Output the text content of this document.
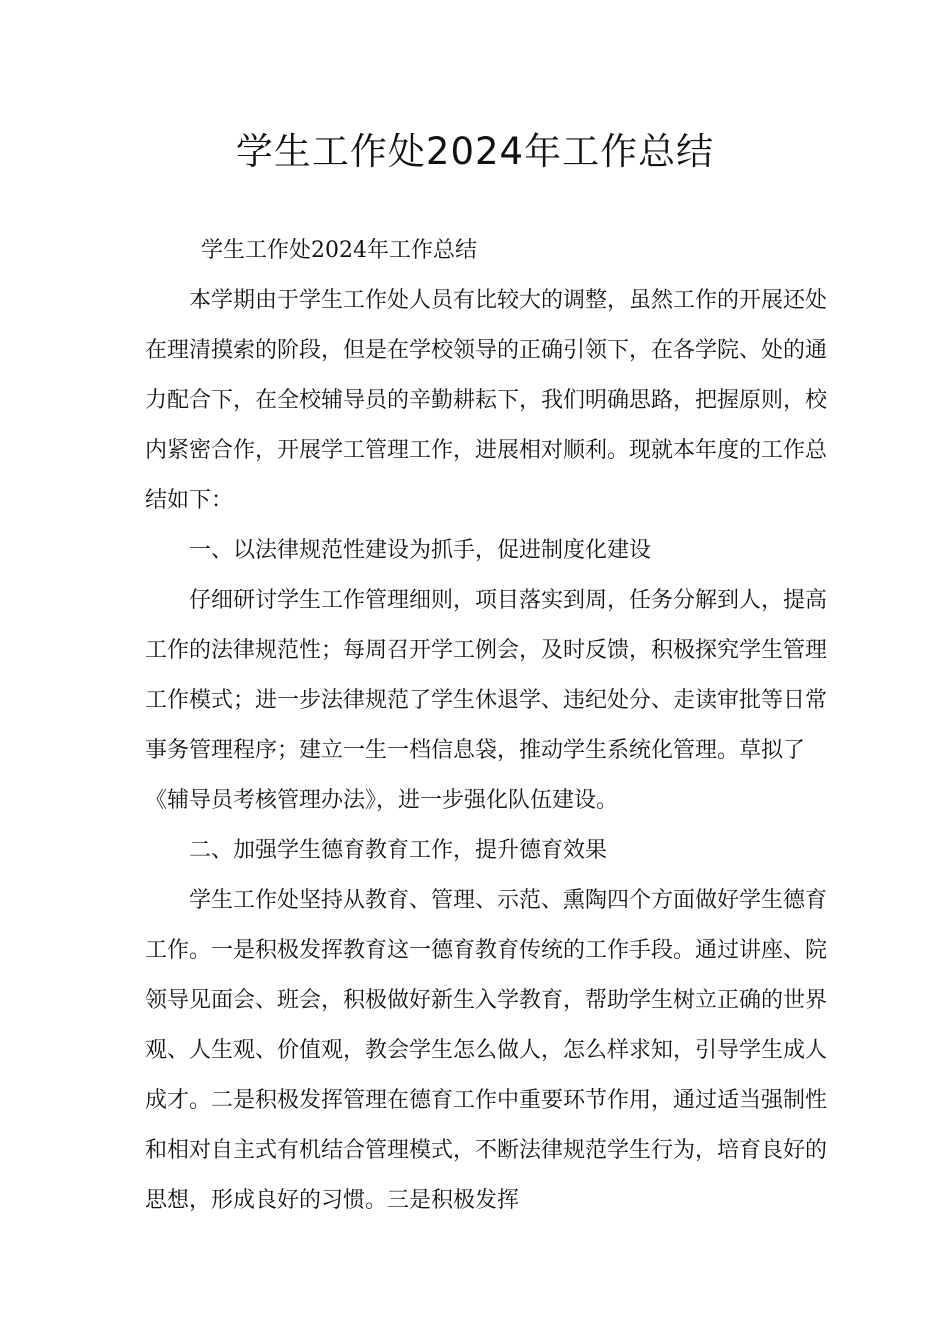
学生工作处2024年工作总结

学生工作处2024年工作总结

本学期由于学生工作处人员有比较大的调整，虽然工作的开展还处在理清摸索的阶段，但是在学校领导的正确引领下，在各学院、处的通力配合下，在全校辅导员的辛勤耕耘下，我们明确思路，把握原则，校内紧密合作，开展学工管理工作，进展相对顺利。现就本年度的工作总结如下：

一、以法律规范性建设为抓手，促进制度化建设

仔细研讨学生工作管理细则，项目落实到周，任务分解到人，提高工作的法律规范性；每周召开学工例会，及时反馈，积极探究学生管理工作模式；进一步法律规范了学生休退学、违纪处分、走读审批等日常事务管理程序；建立一生一档信息袋，推动学生系统化管理。草拟了《辅导员考核管理办法》，进一步强化队伍建设。

二、加强学生德育教育工作，提升德育效果

学生工作处坚持从教育、管理、示范、熏陶四个方面做好学生德育工作。一是积极发挥教育这一德育教育传统的工作手段。通过讲座、院领导见面会、班会，积极做好新生入学教育，帮助学生树立正确的世界观、人生观、价值观，教会学生怎么做人，怎么样求知，引导学生成人成才。二是积极发挥管理在德育工作中重要环节作用，通过适当强制性和相对自主式有机结合管理模式，不断法律规范学生行为，培育良好的思想，形成良好的习惯。三是积极发挥
